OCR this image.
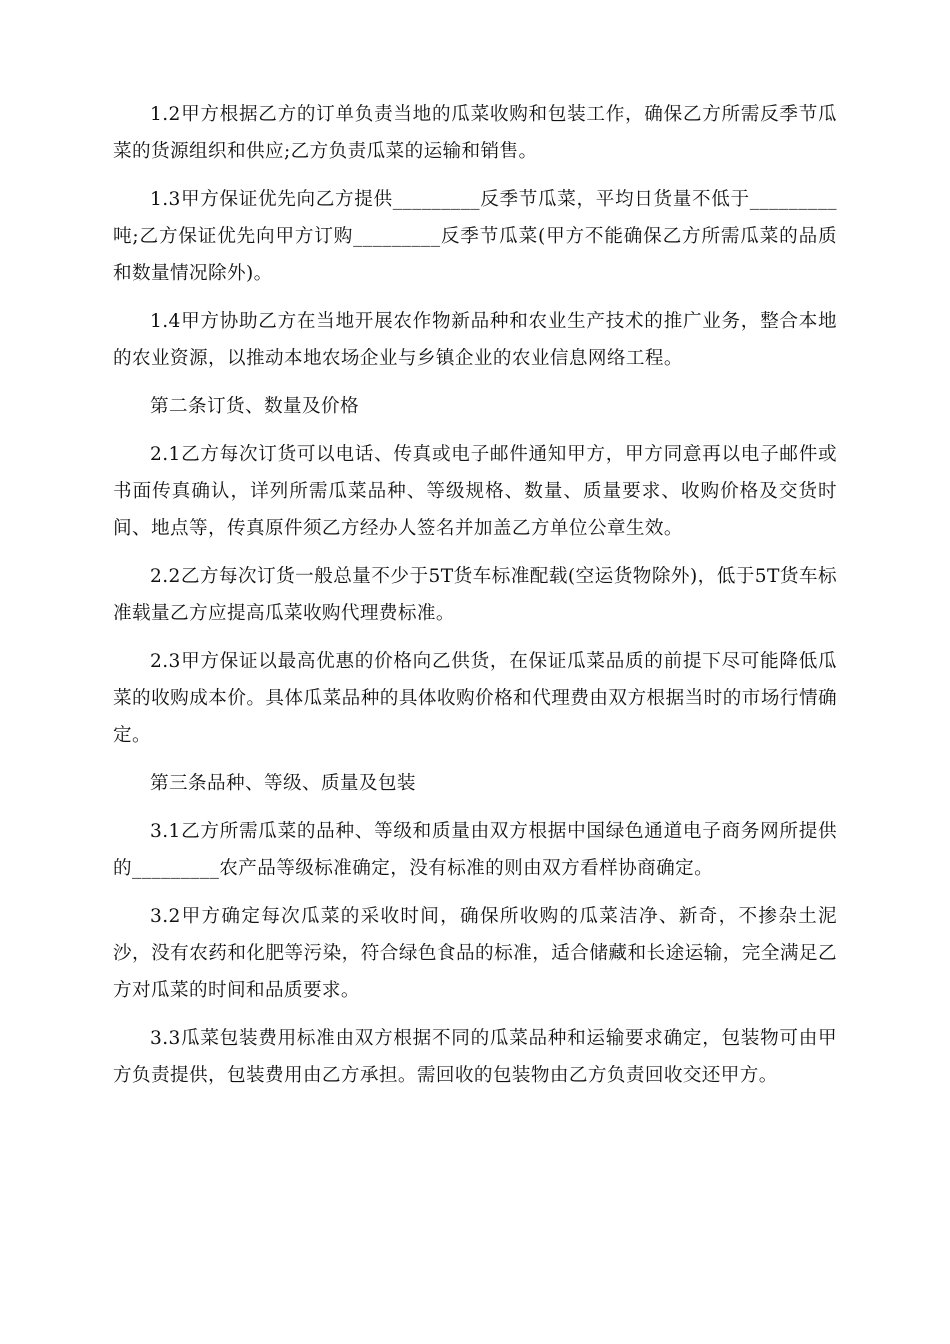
1.2甲方根据乙方的订单负责当地的瓜菜收购和包装工作，确保乙方所需反季节瓜菜的货源组织和供应;乙方负责瓜菜的运输和销售。

1.3甲方保证优先向乙方提供_________反季节瓜菜，平均日货量不低于_________吨;乙方保证优先向甲方订购_________反季节瓜菜(甲方不能确保乙方所需瓜菜的品质和数量情况除外)。

1.4甲方协助乙方在当地开展农作物新品种和农业生产技术的推广业务，整合本地的农业资源，以推动本地农场企业与乡镇企业的农业信息网络工程。

第二条订货、数量及价格

2.1乙方每次订货可以电话、传真或电子邮件通知甲方，甲方同意再以电子邮件或书面传真确认，详列所需瓜菜品种、等级规格、数量、质量要求、收购价格及交货时间、地点等，传真原件须乙方经办人签名并加盖乙方单位公章生效。

2.2乙方每次订货一般总量不少于5T货车标准配载(空运货物除外)，低于5T货车标准载量乙方应提高瓜菜收购代理费标准。

2.3甲方保证以最高优惠的价格向乙供货，在保证瓜菜品质的前提下尽可能降低瓜菜的收购成本价。具体瓜菜品种的具体收购价格和代理费由双方根据当时的市场行情确定。

第三条品种、等级、质量及包装

3.1乙方所需瓜菜的品种、等级和质量由双方根据中国绿色通道电子商务网所提供的_________农产品等级标准确定，没有标准的则由双方看样协商确定。

3.2甲方确定每次瓜菜的采收时间，确保所收购的瓜菜洁净、新奇，不掺杂土泥沙，没有农药和化肥等污染，符合绿色食品的标准，适合储藏和长途运输，完全满足乙方对瓜菜的时间和品质要求。

3.3瓜菜包装费用标准由双方根据不同的瓜菜品种和运输要求确定，包装物可由甲方负责提供，包装费用由乙方承担。需回收的包装物由乙方负责回收交还甲方。
